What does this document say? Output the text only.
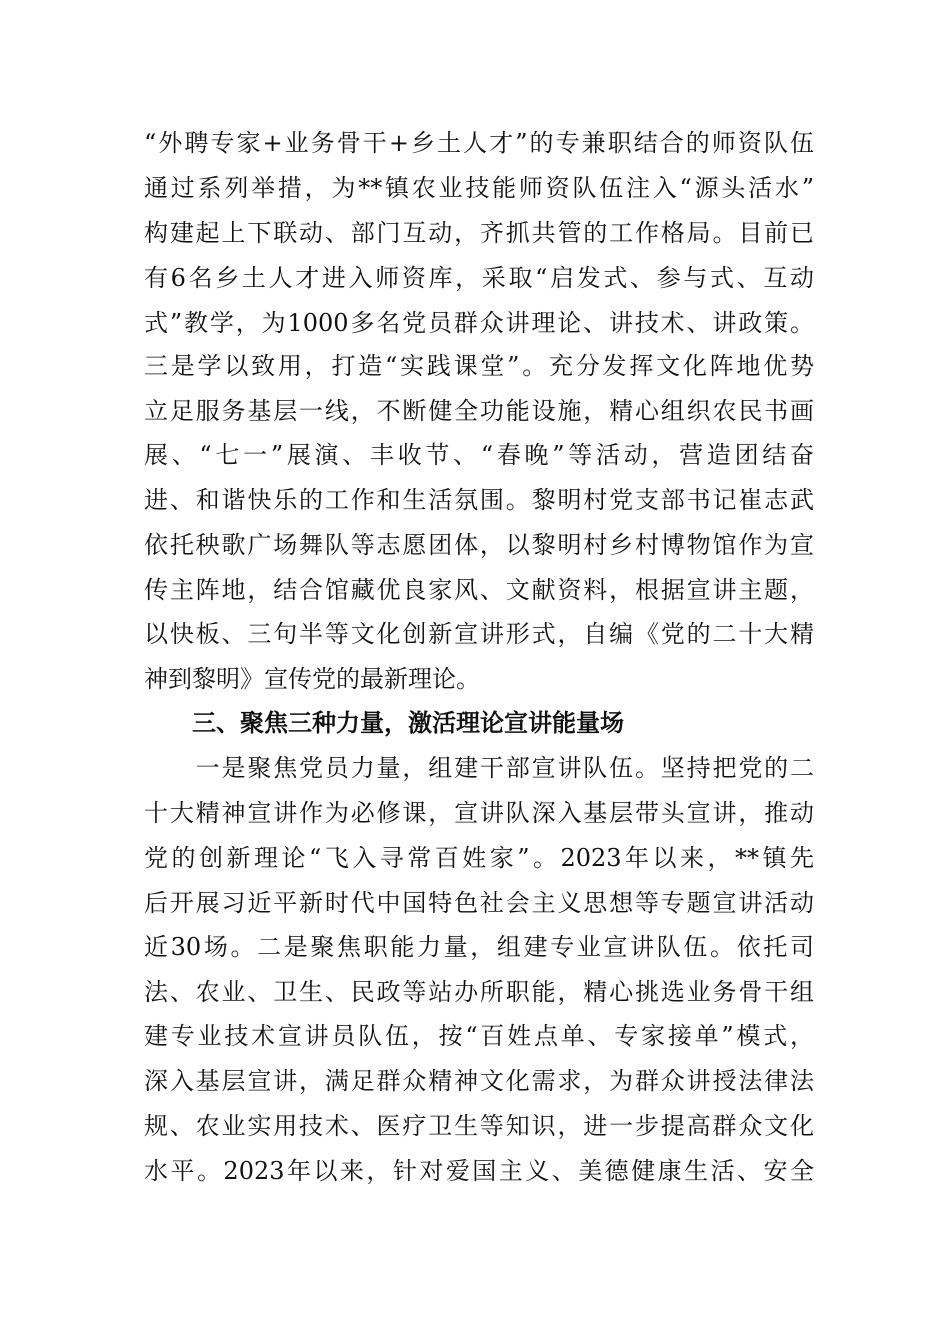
“外聘专家+业务骨干+乡土人才”的专兼职结合的师资队伍
通过系列举措，为**镇农业技能师资队伍注入“源头活水”
构建起上下联动、部门互动，齐抓共管的工作格局。目前已
有6名乡土人才进入师资库，采取“启发式、参与式、互动
式”教学，为1000多名党员群众讲理论、讲技术、讲政策。
三是学以致用，打造“实践课堂”。充分发挥文化阵地优势
立足服务基层一线，不断健全功能设施，精心组织农民书画
展、“七一”展演、丰收节、“春晚”等活动，营造团结奋
进、和谐快乐的工作和生活氛围。黎明村党支部书记崔志武
依托秧歌广场舞队等志愿团体，以黎明村乡村博物馆作为宣
传主阵地，结合馆藏优良家风、文献资料，根据宣讲主题，
以快板、三句半等文化创新宣讲形式，自编《党的二十大精
神到黎明》宣传党的最新理论。
三、聚焦三种力量，激活理论宣讲能量场
　　一是聚焦党员力量，组建干部宣讲队伍。坚持把党的二
十大精神宣讲作为必修课，宣讲队深入基层带头宣讲，推动
党的创新理论“飞入寻常百姓家”。2023年以来，**镇先
后开展习近平新时代中国特色社会主义思想等专题宣讲活动
近30场。二是聚焦职能力量，组建专业宣讲队伍。依托司
法、农业、卫生、民政等站办所职能，精心挑选业务骨干组
建专业技术宣讲员队伍，按“百姓点单、专家接单”模式，
深入基层宣讲，满足群众精神文化需求，为群众讲授法律法
规、农业实用技术、医疗卫生等知识，进一步提高群众文化
水平。2023年以来，针对爱国主义、美德健康生活、安全
